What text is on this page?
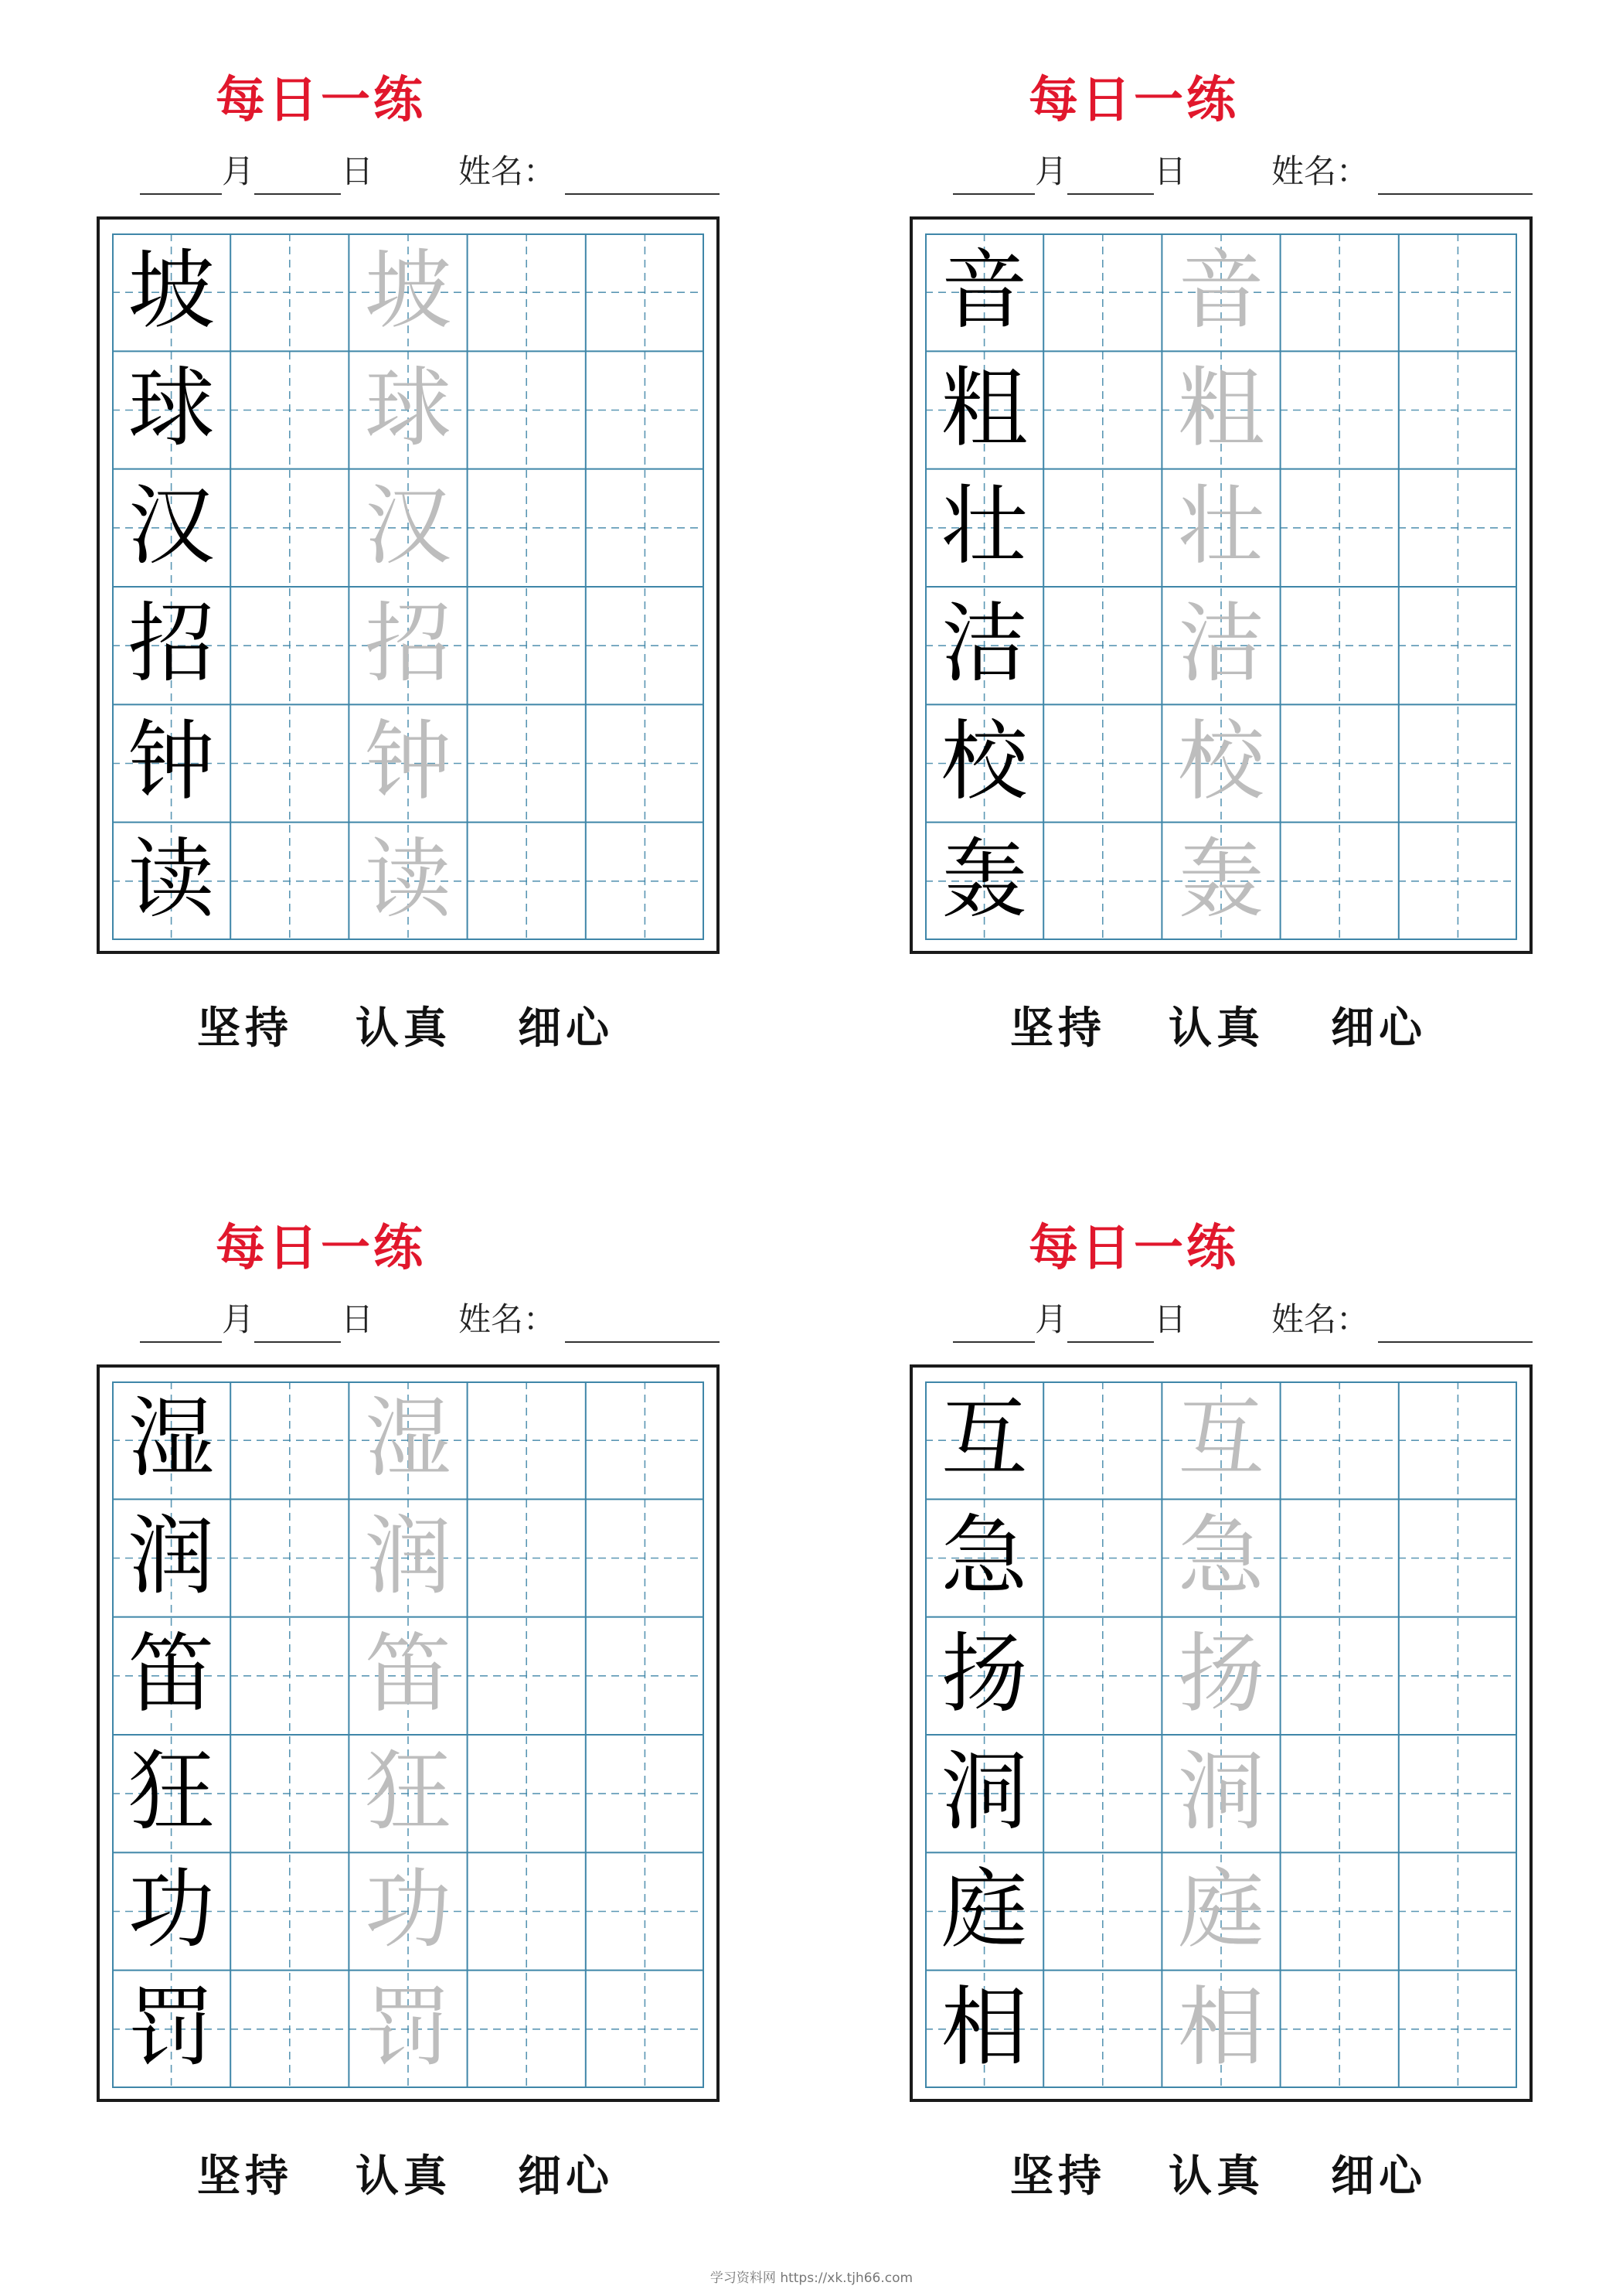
每日一练
月	日	姓名：
坡 坡
球 球
汉 汉
招 招
钟 钟
读 读
坚持 认真 细心
每日一练
月	日	姓名：
音 音
粗 粗
壮 壮
洁 洁
校 校
轰 轰
坚持 认真 细心
每日一练
月	日	姓名：
湿 湿
润 润
笛 笛
狂 狂
功 功
罚 罚
坚持 认真 细心
每日一练
月	日	姓名：
互 互
急 急
扬 扬
洞 洞
庭 庭
相 相
坚持 认真 细心
学习资料网 https://xk.tjh66.com
